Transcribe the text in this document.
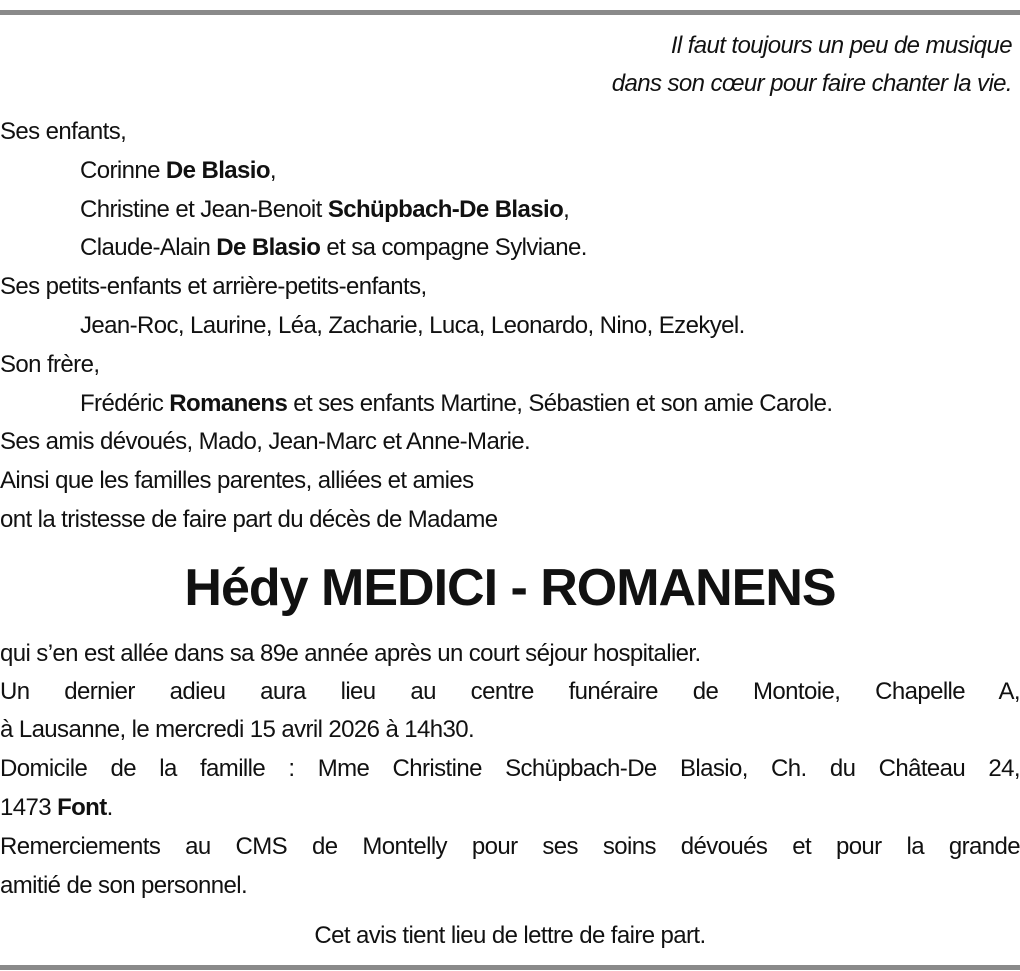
Il faut toujours un peu de musique
dans son cœur pour faire chanter la vie.
Ses enfants,
Corinne De Blasio,
Christine et Jean-Benoit Schüpbach-De Blasio,
Claude-Alain De Blasio et sa compagne Sylviane.
Ses petits-enfants et arrière-petits-enfants,
Jean-Roc, Laurine, Léa, Zacharie, Luca, Leonardo, Nino, Ezekyel.
Son frère,
Frédéric Romanens et ses enfants Martine, Sébastien et son amie Carole.
Ses amis dévoués, Mado, Jean-Marc et Anne-Marie.
Ainsi que les familles parentes, alliées et amies
ont la tristesse de faire part du décès de Madame
Hédy MEDICI - ROMANENS
qui s’en est allée dans sa 89e année après un court séjour hospitalier.
Un dernier adieu aura lieu au centre funéraire de Montoie, Chapelle A,
à Lausanne, le mercredi 15 avril 2026 à 14h30.
Domicile de la famille : Mme Christine Schüpbach-De Blasio, Ch. du Château 24,
1473 Font.
Remerciements au CMS de Montelly pour ses soins dévoués et pour la grande
amitié de son personnel.
Cet avis tient lieu de lettre de faire part.
